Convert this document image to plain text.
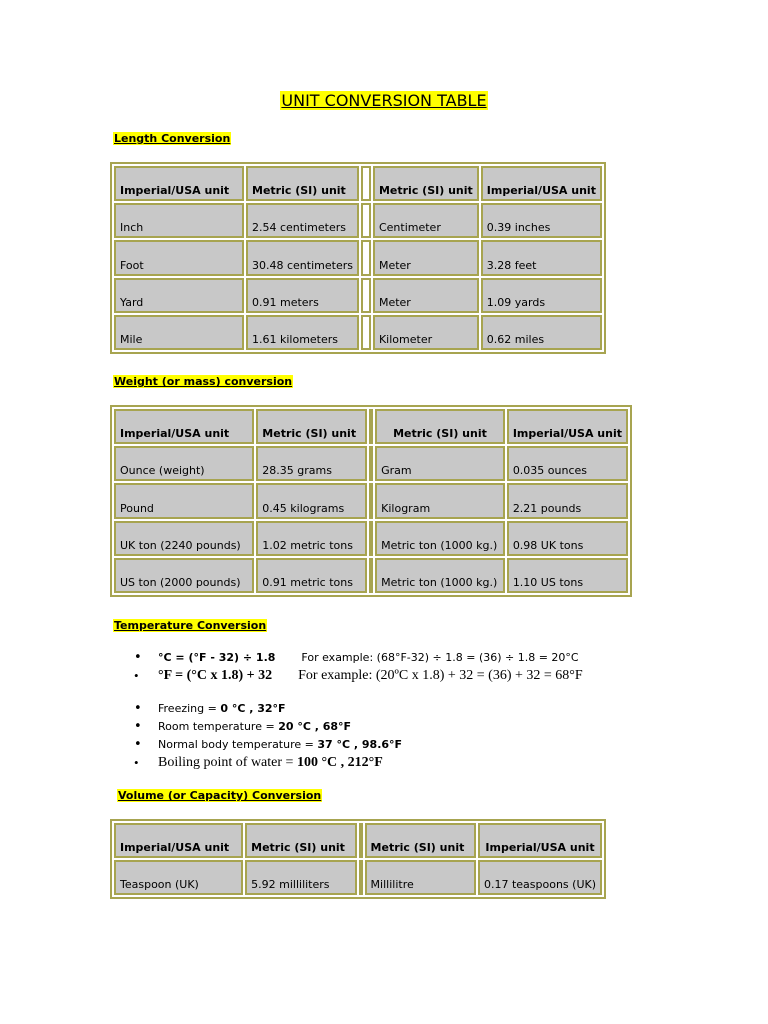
UNIT CONVERSION TABLE
Length Conversion
Imperial/USA unit	Metric (SI) unit		Metric (SI) unit	Imperial/USA unit
Inch	2.54 centimeters		Centimeter	0.39 inches
Foot	30.48 centimeters		Meter	3.28 feet
Yard	0.91 meters		Meter	1.09 yards
Mile	1.61 kilometers		Kilometer	0.62 miles
Weight (or mass) conversion
Imperial/USA unit	Metric (SI) unit		Metric (SI) unit	Imperial/USA unit
Ounce (weight)	28.35 grams		Gram	0.035 ounces
Pound	0.45 kilograms		Kilogram	2.21 pounds
UK ton (2240 pounds)	1.02 metric tons		Metric ton (1000 kg.)	0.98 UK tons
US ton (2000 pounds)	0.91 metric tons		Metric ton (1000 kg.)	1.10 US tons
Temperature Conversion
• °C = (°F - 32) ÷ 1.8 For example: (68°F-32) ÷ 1.8 = (36) ÷ 1.8 = 20°C
• °F = (°C x 1.8) + 32 For example: (20ºC x 1.8) + 32 = (36) + 32 = 68°F
• Freezing = 0 °C , 32°F
• Room temperature = 20 °C , 68°F
• Normal body temperature = 37 °C , 98.6°F
• Boiling point of water = 100 °C , 212°F
Volume (or Capacity) Conversion
Imperial/USA unit	Metric (SI) unit		Metric (SI) unit	Imperial/USA unit
Teaspoon (UK)	5.92 milliliters		Millilitre	0.17 teaspoons (UK)
